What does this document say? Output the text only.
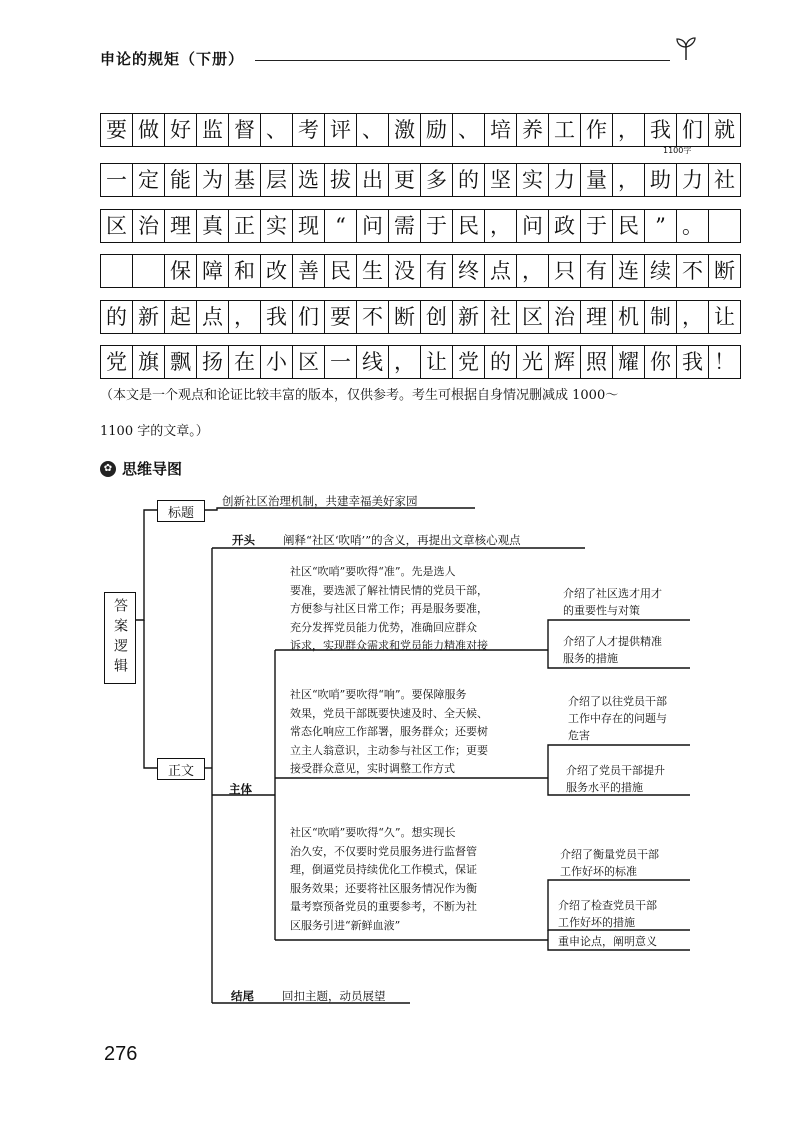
申论的规矩（下册）
要 做 好 监 督 、 考 评 、 激 励 、 培 养 工 作 ， 我 们 就
一 定 能 为 基 层 选 拔 出 更 多 的 坚 实 力 量 ， 助 力 社
区 治 理 真 正 实 现 “ 问 需 于 民 ， 问 政 于 民 ” 。
保 障 和 改 善 民 生 没 有 终 点 ， 只 有 连 续 不 断
的 新 起 点 ， 我 们 要 不 断 创 新 社 区 治 理 机 制 ， 让
党 旗 飘 扬 在 小 区 一 线 ， 让 党 的 光 辉 照 耀 你 我 ！
1100字
（本文是一个观点和论证比较丰富的版本，仅供参考。考生可根据自身情况删减成 1000～
1100 字的文章。）
✿ 思维导图
答案逻辑
标题
创新社区治理机制，共建幸福美好家园
开头 阐释“社区‘吹哨’”的含义，再提出文章核心观点
正文
主体
社区“吹哨”要吹得“准”。先是选人
要准，要选派了解社情民情的党员干部，
方便参与社区日常工作；再是服务要准，
充分发挥党员能力优势，准确回应群众
诉求，实现群众需求和党员能力精准对接
介绍了社区选才用才
的重要性与对策
介绍了人才提供精准
服务的措施
社区“吹哨”要吹得“响”。要保障服务
效果，党员干部既要快速及时、全天候、
常态化响应工作部署，服务群众；还要树
立主人翁意识，主动参与社区工作；更要
接受群众意见，实时调整工作方式
介绍了以往党员干部
工作中存在的问题与
危害
介绍了党员干部提升
服务水平的措施
社区“吹哨”要吹得“久”。想实现长
治久安，不仅要时党员服务进行监督管
理，倒逼党员持续优化工作模式，保证
服务效果；还要将社区服务情况作为衡
量考察预备党员的重要参考，不断为社
区服务引进“新鲜血液”
介绍了衡量党员干部
工作好坏的标准
介绍了检查党员干部
工作好坏的措施
重申论点，阐明意义
结尾 回扣主题，动员展望
276
